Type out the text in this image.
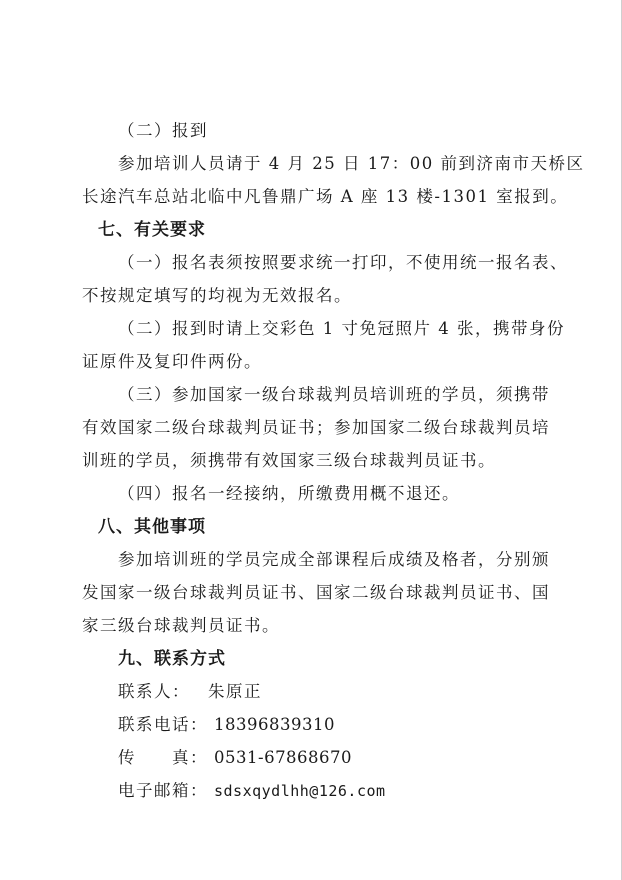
（二）报到
参加培训人员请于 4 月 25 日 17：00 前到济南市天桥区
长途汽车总站北临中凡鲁鼎广场 A 座 13 楼-1301 室报到。
七、有关要求
（一）报名表须按照要求统一打印，不使用统一报名表、
不按规定填写的均视为无效报名。
（二）报到时请上交彩色 1 寸免冠照片 4 张，携带身份
证原件及复印件两份。
（三）参加国家一级台球裁判员培训班的学员，须携带
有效国家二级台球裁判员证书；参加国家二级台球裁判员培
训班的学员，须携带有效国家三级台球裁判员证书。
（四）报名一经接纳，所缴费用概不退还。
八、其他事项
参加培训班的学员完成全部课程后成绩及格者，分别颁
发国家一级台球裁判员证书、国家二级台球裁判员证书、国
家三级台球裁判员证书。
九、联系方式
联系人： 朱原正
联系电话： 18396839310
传　　真： 0531-67868670
电子邮箱： sdsxqydlhh@126.com
